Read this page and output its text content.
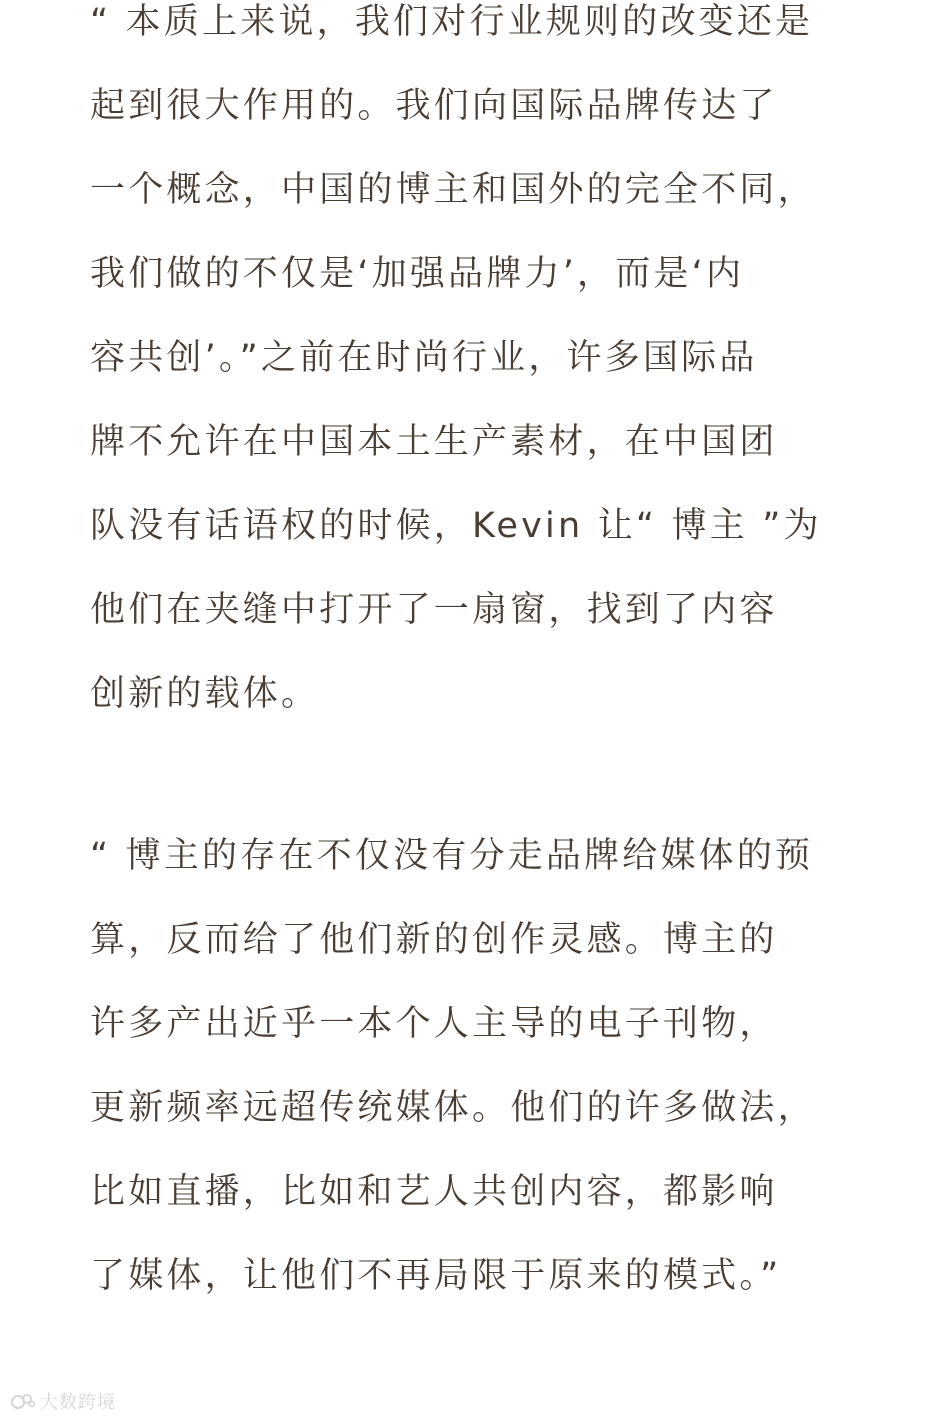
“ 本质上来说，我们对行业规则的改变还是
起到很大作用的。我们向国际品牌传达了
一个概念，中国的博主和国外的完全不同，
我们做的不仅是‘加强品牌力’，而是‘内
容共创’。”之前在时尚行业，许多国际品
牌不允许在中国本土生产素材，在中国团
队没有话语权的时候，Kevin 让“ 博主 ”为
他们在夹缝中打开了一扇窗，找到了内容
创新的载体。
“ 博主的存在不仅没有分走品牌给媒体的预
算，反而给了他们新的创作灵感。博主的
许多产出近乎一本个人主导的电子刊物，
更新频率远超传统媒体。他们的许多做法，
比如直播，比如和艺人共创内容，都影响
了媒体，让他们不再局限于原来的模式。”
大数跨境
